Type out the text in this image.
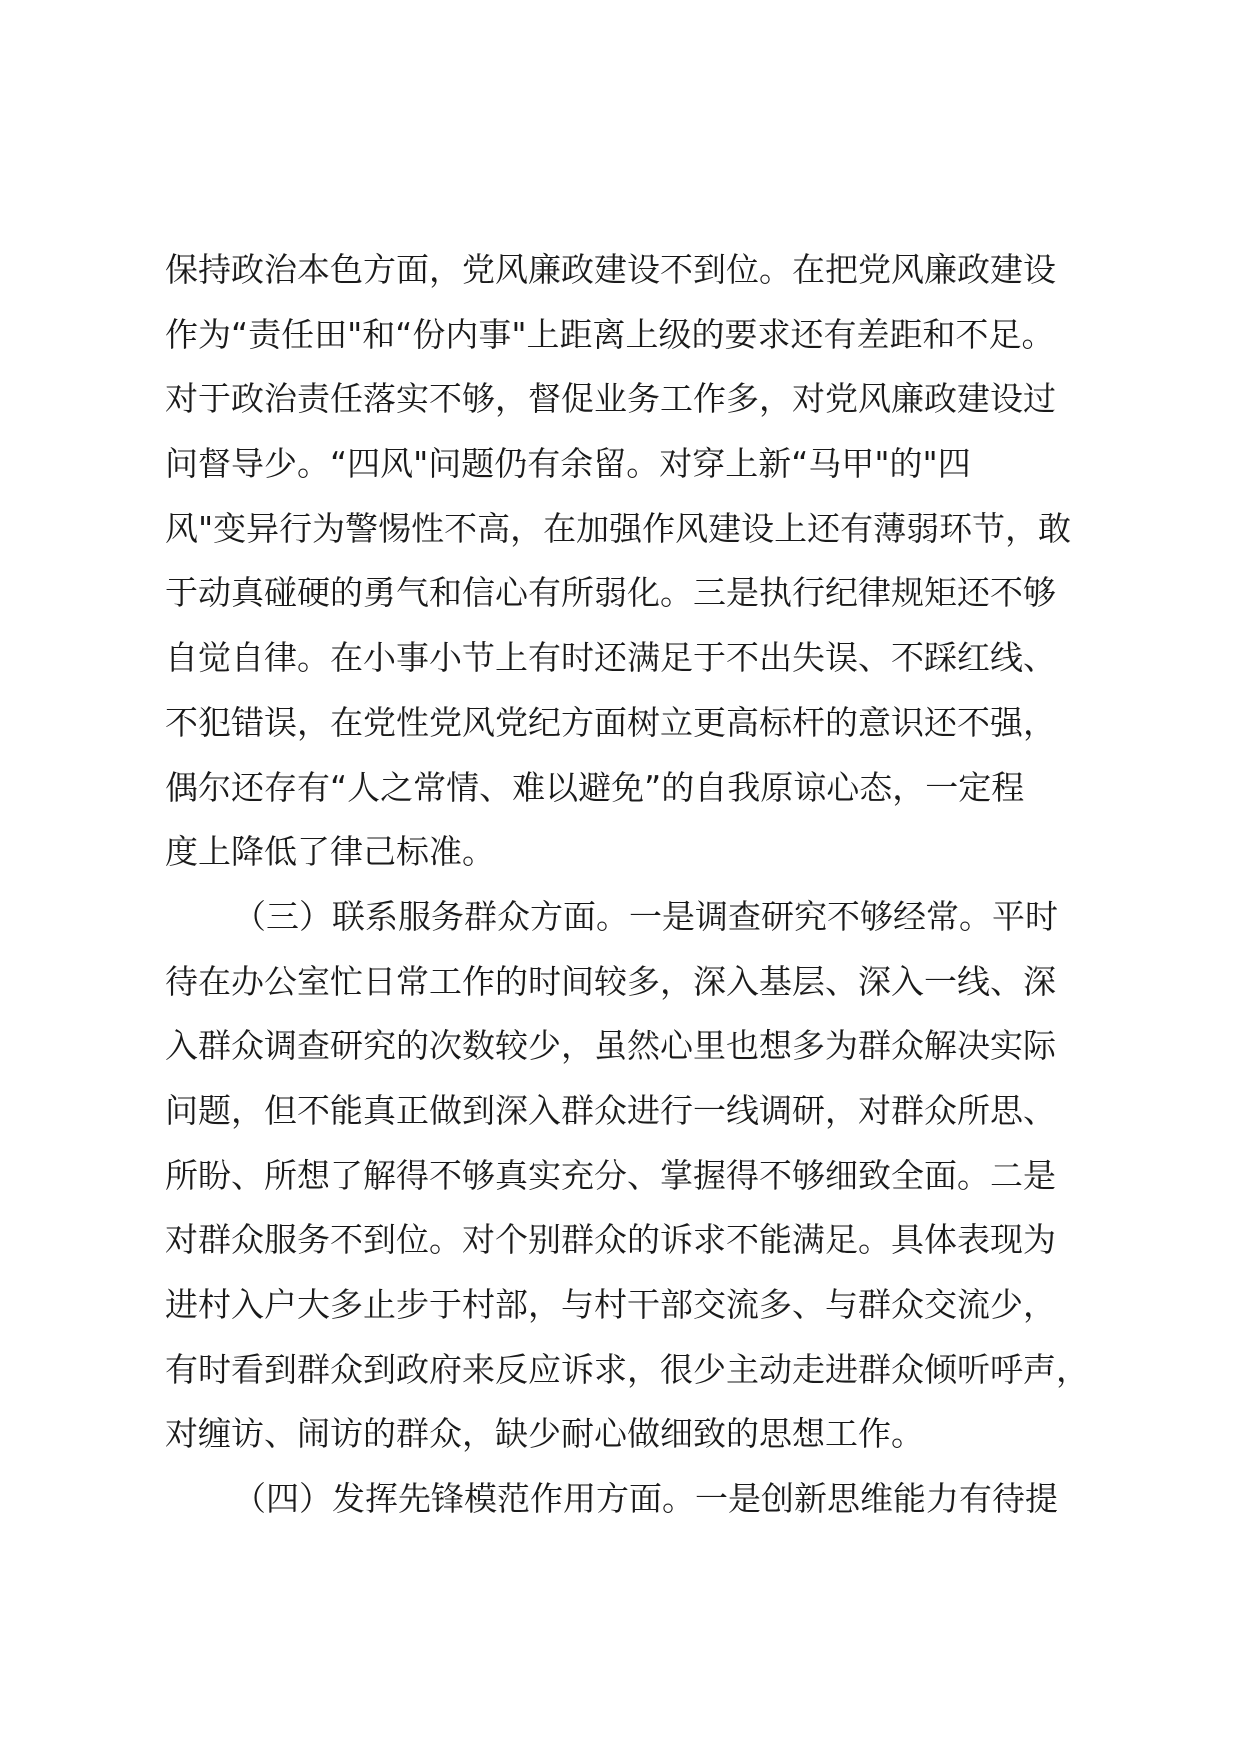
保持政治本色方面，党风廉政建设不到位。在把党风廉政建设
作为“责任田"和“份内事"上距离上级的要求还有差距和不足。
对于政治责任落实不够，督促业务工作多，对党风廉政建设过
问督导少。“四风"问题仍有余留。对穿上新“马甲"的"四
风"变异行为警惕性不高，在加强作风建设上还有薄弱环节，敢
于动真碰硬的勇气和信心有所弱化。三是执行纪律规矩还不够
自觉自律。在小事小节上有时还满足于不出失误、不踩红线、
不犯错误，在党性党风党纪方面树立更高标杆的意识还不强，
偶尔还存有“人之常情、难以避免”的自我原谅心态，一定程
度上降低了律己标准。
（三）联系服务群众方面。一是调查研究不够经常。平时
待在办公室忙日常工作的时间较多，深入基层、深入一线、深
入群众调查研究的次数较少，虽然心里也想多为群众解决实际
问题，但不能真正做到深入群众进行一线调研，对群众所思、
所盼、所想了解得不够真实充分、掌握得不够细致全面。二是
对群众服务不到位。对个别群众的诉求不能满足。具体表现为
进村入户大多止步于村部，与村干部交流多、与群众交流少，
有时看到群众到政府来反应诉求，很少主动走进群众倾听呼声，
对缠访、闹访的群众，缺少耐心做细致的思想工作。
（四）发挥先锋模范作用方面。一是创新思维能力有待提
